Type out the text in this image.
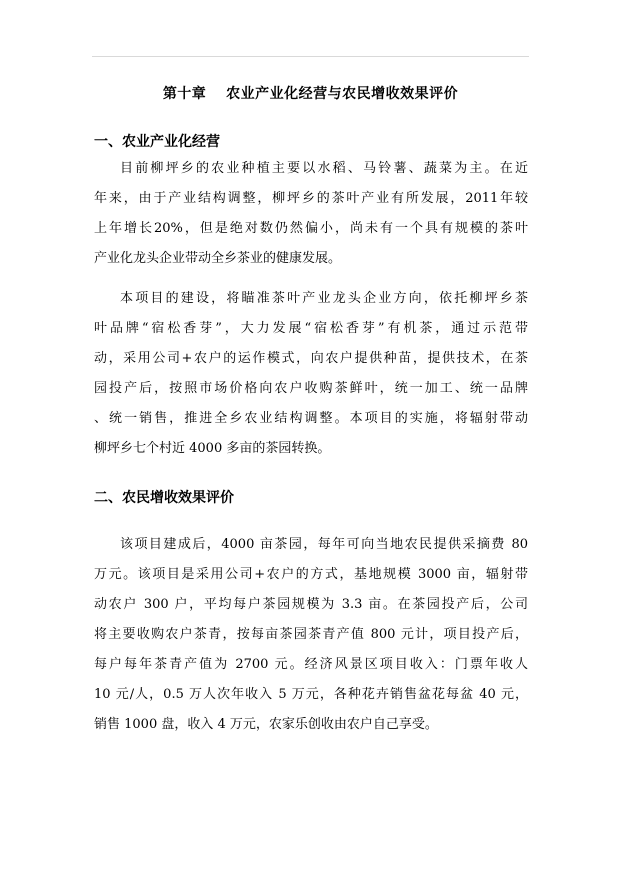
第十章　 农业产业化经营与农民增收效果评价
一、农业产业化经营
目前柳坪乡的农业种植主要以水稻、马铃薯、蔬菜为主。在近
年来，由于产业结构调整，柳坪乡的茶叶产业有所发展，2011年较
上年增长20%，但是绝对数仍然偏小，尚未有一个具有规模的茶叶
产业化龙头企业带动全乡茶业的健康发展。
本项目的建设，将瞄准茶叶产业龙头企业方向，依托柳坪乡茶
叶品牌“宿松香芽”，大力发展“宿松香芽”有机茶，通过示范带
动，采用公司+农户的运作模式，向农户提供种苗，提供技术，在茶
园投产后，按照市场价格向农户收购茶鲜叶，统一加工、统一品牌
、统一销售，推进全乡农业结构调整。本项目的实施，将辐射带动
柳坪乡七个村近 4000 多亩的茶园转换。
二、农民增收效果评价
该项目建成后，4000 亩茶园，每年可向当地农民提供采摘费 80
万元。该项目是采用公司+农户的方式，基地规模 3000 亩，辐射带
动农户 300 户，平均每户茶园规模为 3.3 亩。在茶园投产后，公司
将主要收购农户茶青，按每亩茶园茶青产值 800 元计，项目投产后，
每户每年茶青产值为 2700 元。经济风景区项目收入：门票年收人
10 元/人，0.5 万人次年收入 5 万元，各种花卉销售盆花每盆 40 元，
销售 1000 盘，收入 4 万元，农家乐创收由农户自己享受。
